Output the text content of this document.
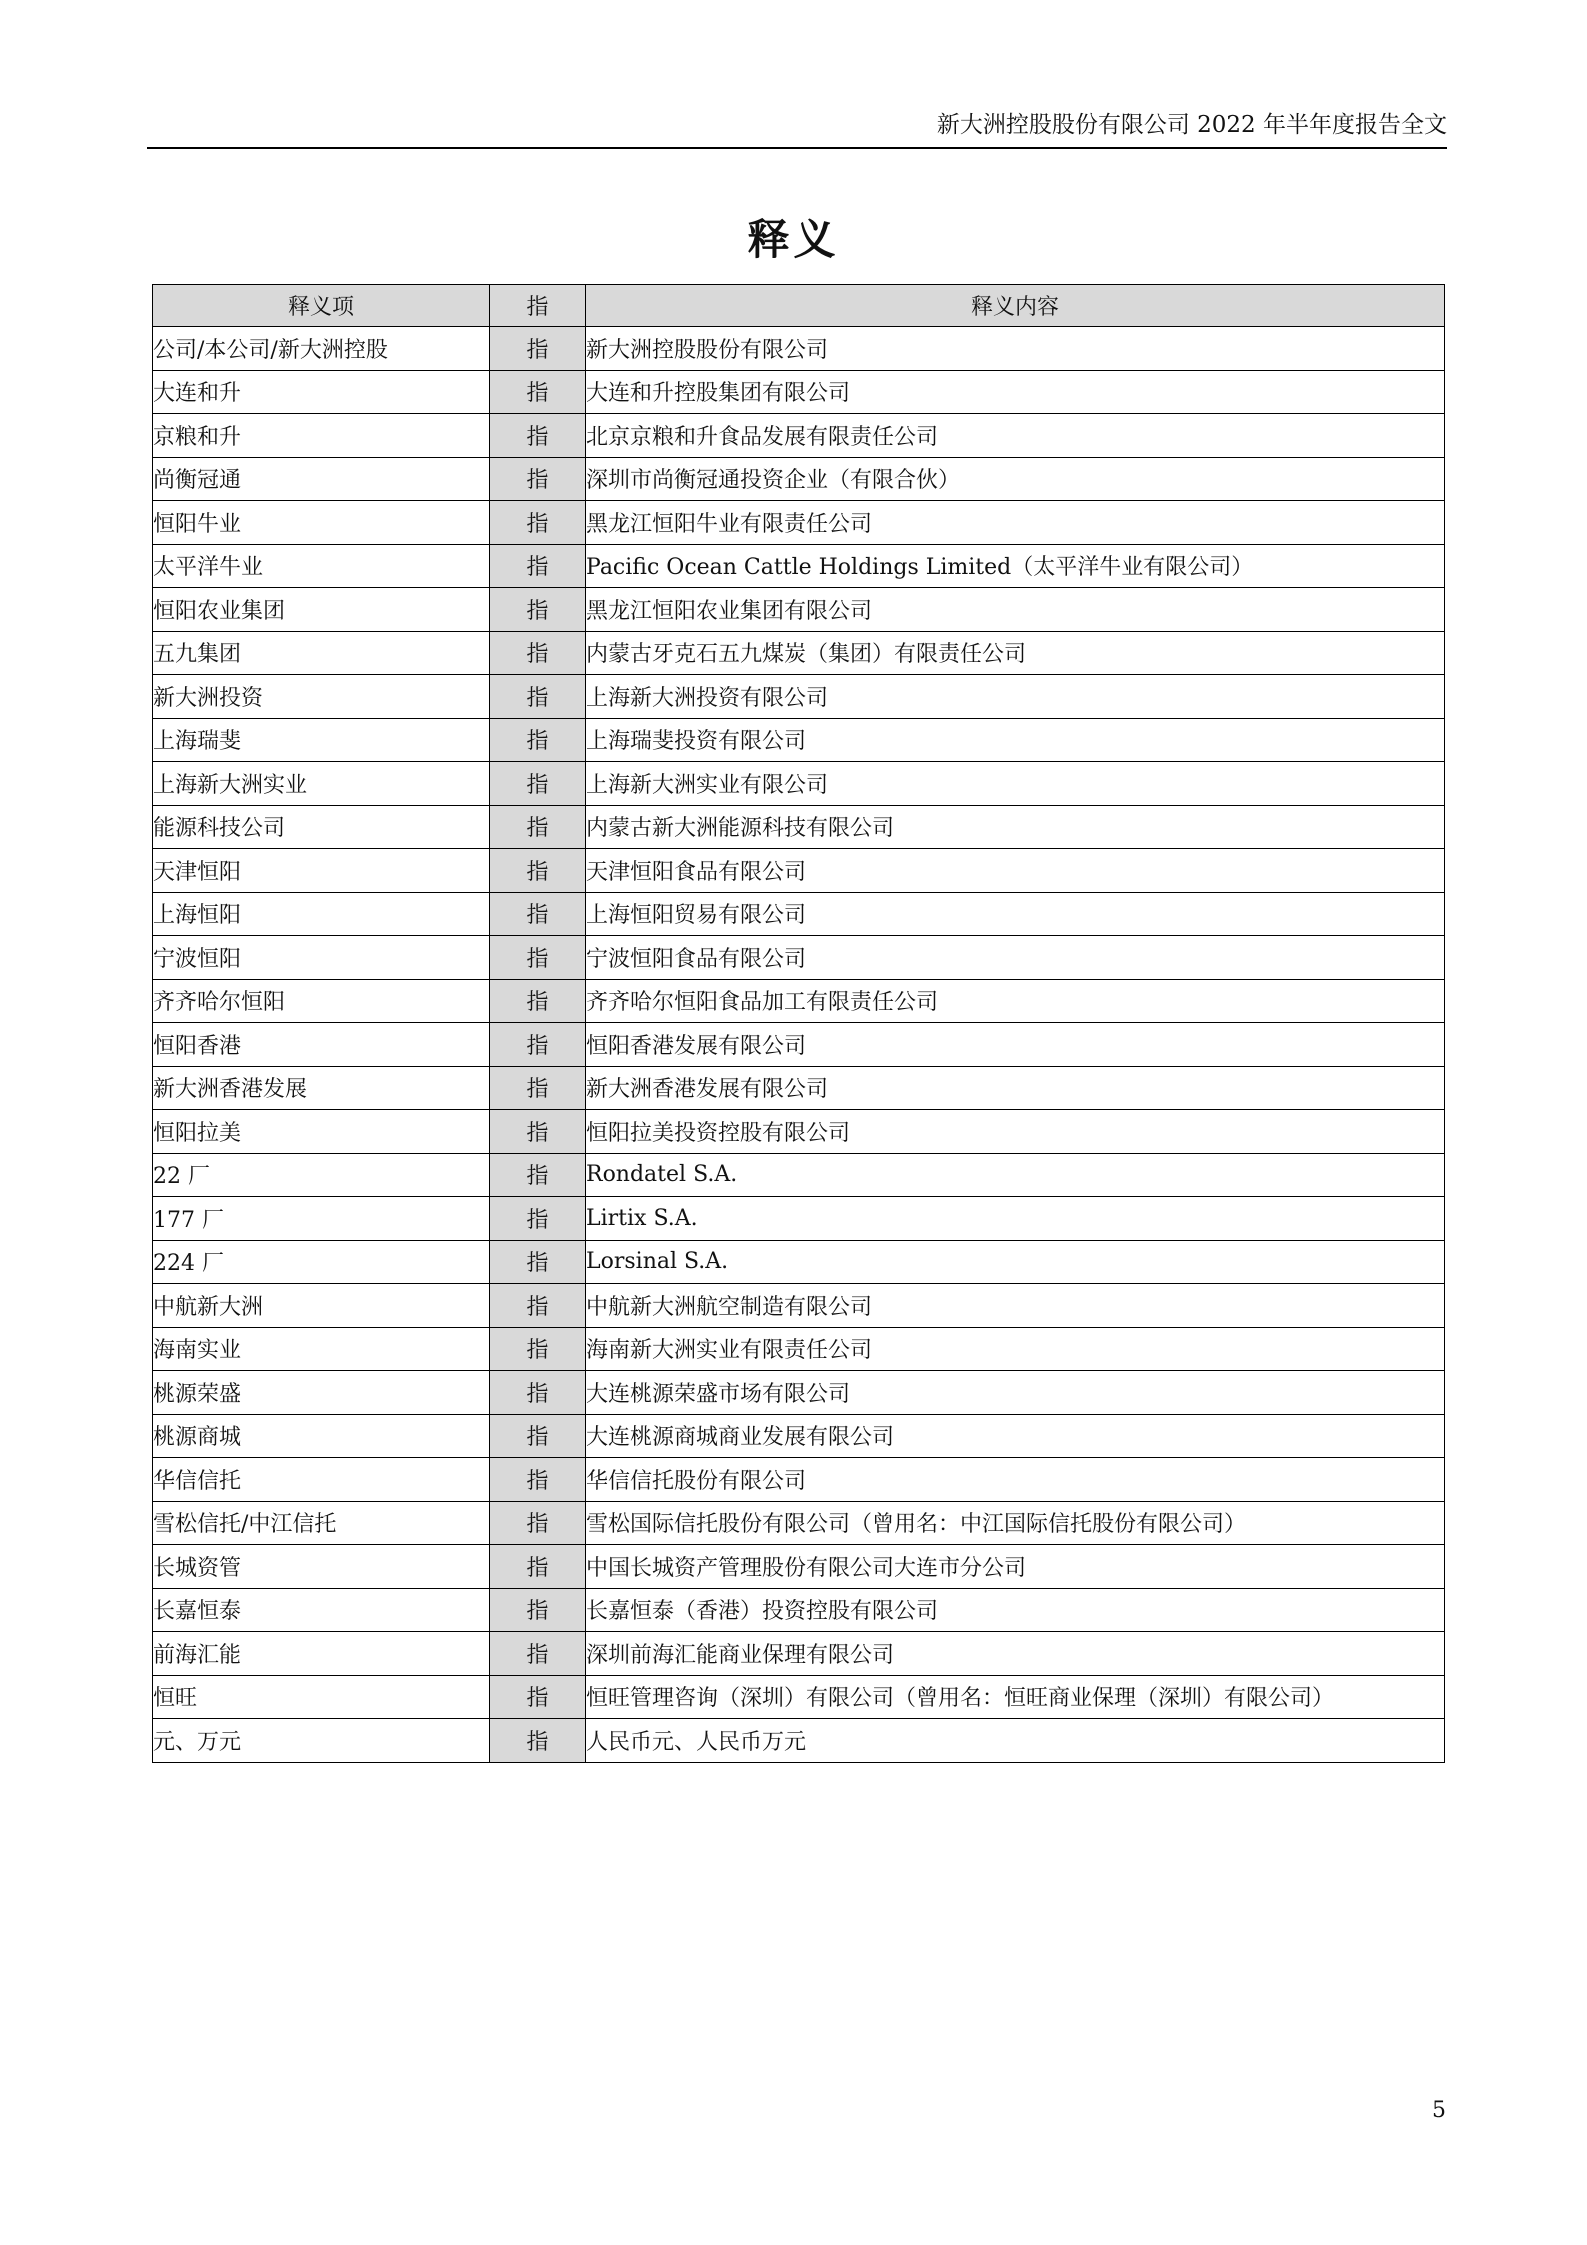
新大洲控股股份有限公司 2022 年半年度报告全文
释义
释义项	指	释义内容
公司/本公司/新大洲控股	指	新大洲控股股份有限公司
大连和升	指	大连和升控股集团有限公司
京粮和升	指	北京京粮和升食品发展有限责任公司
尚衡冠通	指	深圳市尚衡冠通投资企业（有限合伙）
恒阳牛业	指	黑龙江恒阳牛业有限责任公司
太平洋牛业	指	Pacific Ocean Cattle Holdings Limited（太平洋牛业有限公司）
恒阳农业集团	指	黑龙江恒阳农业集团有限公司
五九集团	指	内蒙古牙克石五九煤炭（集团）有限责任公司
新大洲投资	指	上海新大洲投资有限公司
上海瑞斐	指	上海瑞斐投资有限公司
上海新大洲实业	指	上海新大洲实业有限公司
能源科技公司	指	内蒙古新大洲能源科技有限公司
天津恒阳	指	天津恒阳食品有限公司
上海恒阳	指	上海恒阳贸易有限公司
宁波恒阳	指	宁波恒阳食品有限公司
齐齐哈尔恒阳	指	齐齐哈尔恒阳食品加工有限责任公司
恒阳香港	指	恒阳香港发展有限公司
新大洲香港发展	指	新大洲香港发展有限公司
恒阳拉美	指	恒阳拉美投资控股有限公司
22 厂	指	Rondatel S.A.
177 厂	指	Lirtix S.A.
224 厂	指	Lorsinal S.A.
中航新大洲	指	中航新大洲航空制造有限公司
海南实业	指	海南新大洲实业有限责任公司
桃源荣盛	指	大连桃源荣盛市场有限公司
桃源商城	指	大连桃源商城商业发展有限公司
华信信托	指	华信信托股份有限公司
雪松信托/中江信托	指	雪松国际信托股份有限公司（曾用名：中江国际信托股份有限公司）
长城资管	指	中国长城资产管理股份有限公司大连市分公司
长嘉恒泰	指	长嘉恒泰（香港）投资控股有限公司
前海汇能	指	深圳前海汇能商业保理有限公司
恒旺	指	恒旺管理咨询（深圳）有限公司（曾用名：恒旺商业保理（深圳）有限公司）
元、万元	指	人民币元、人民币万元
5
